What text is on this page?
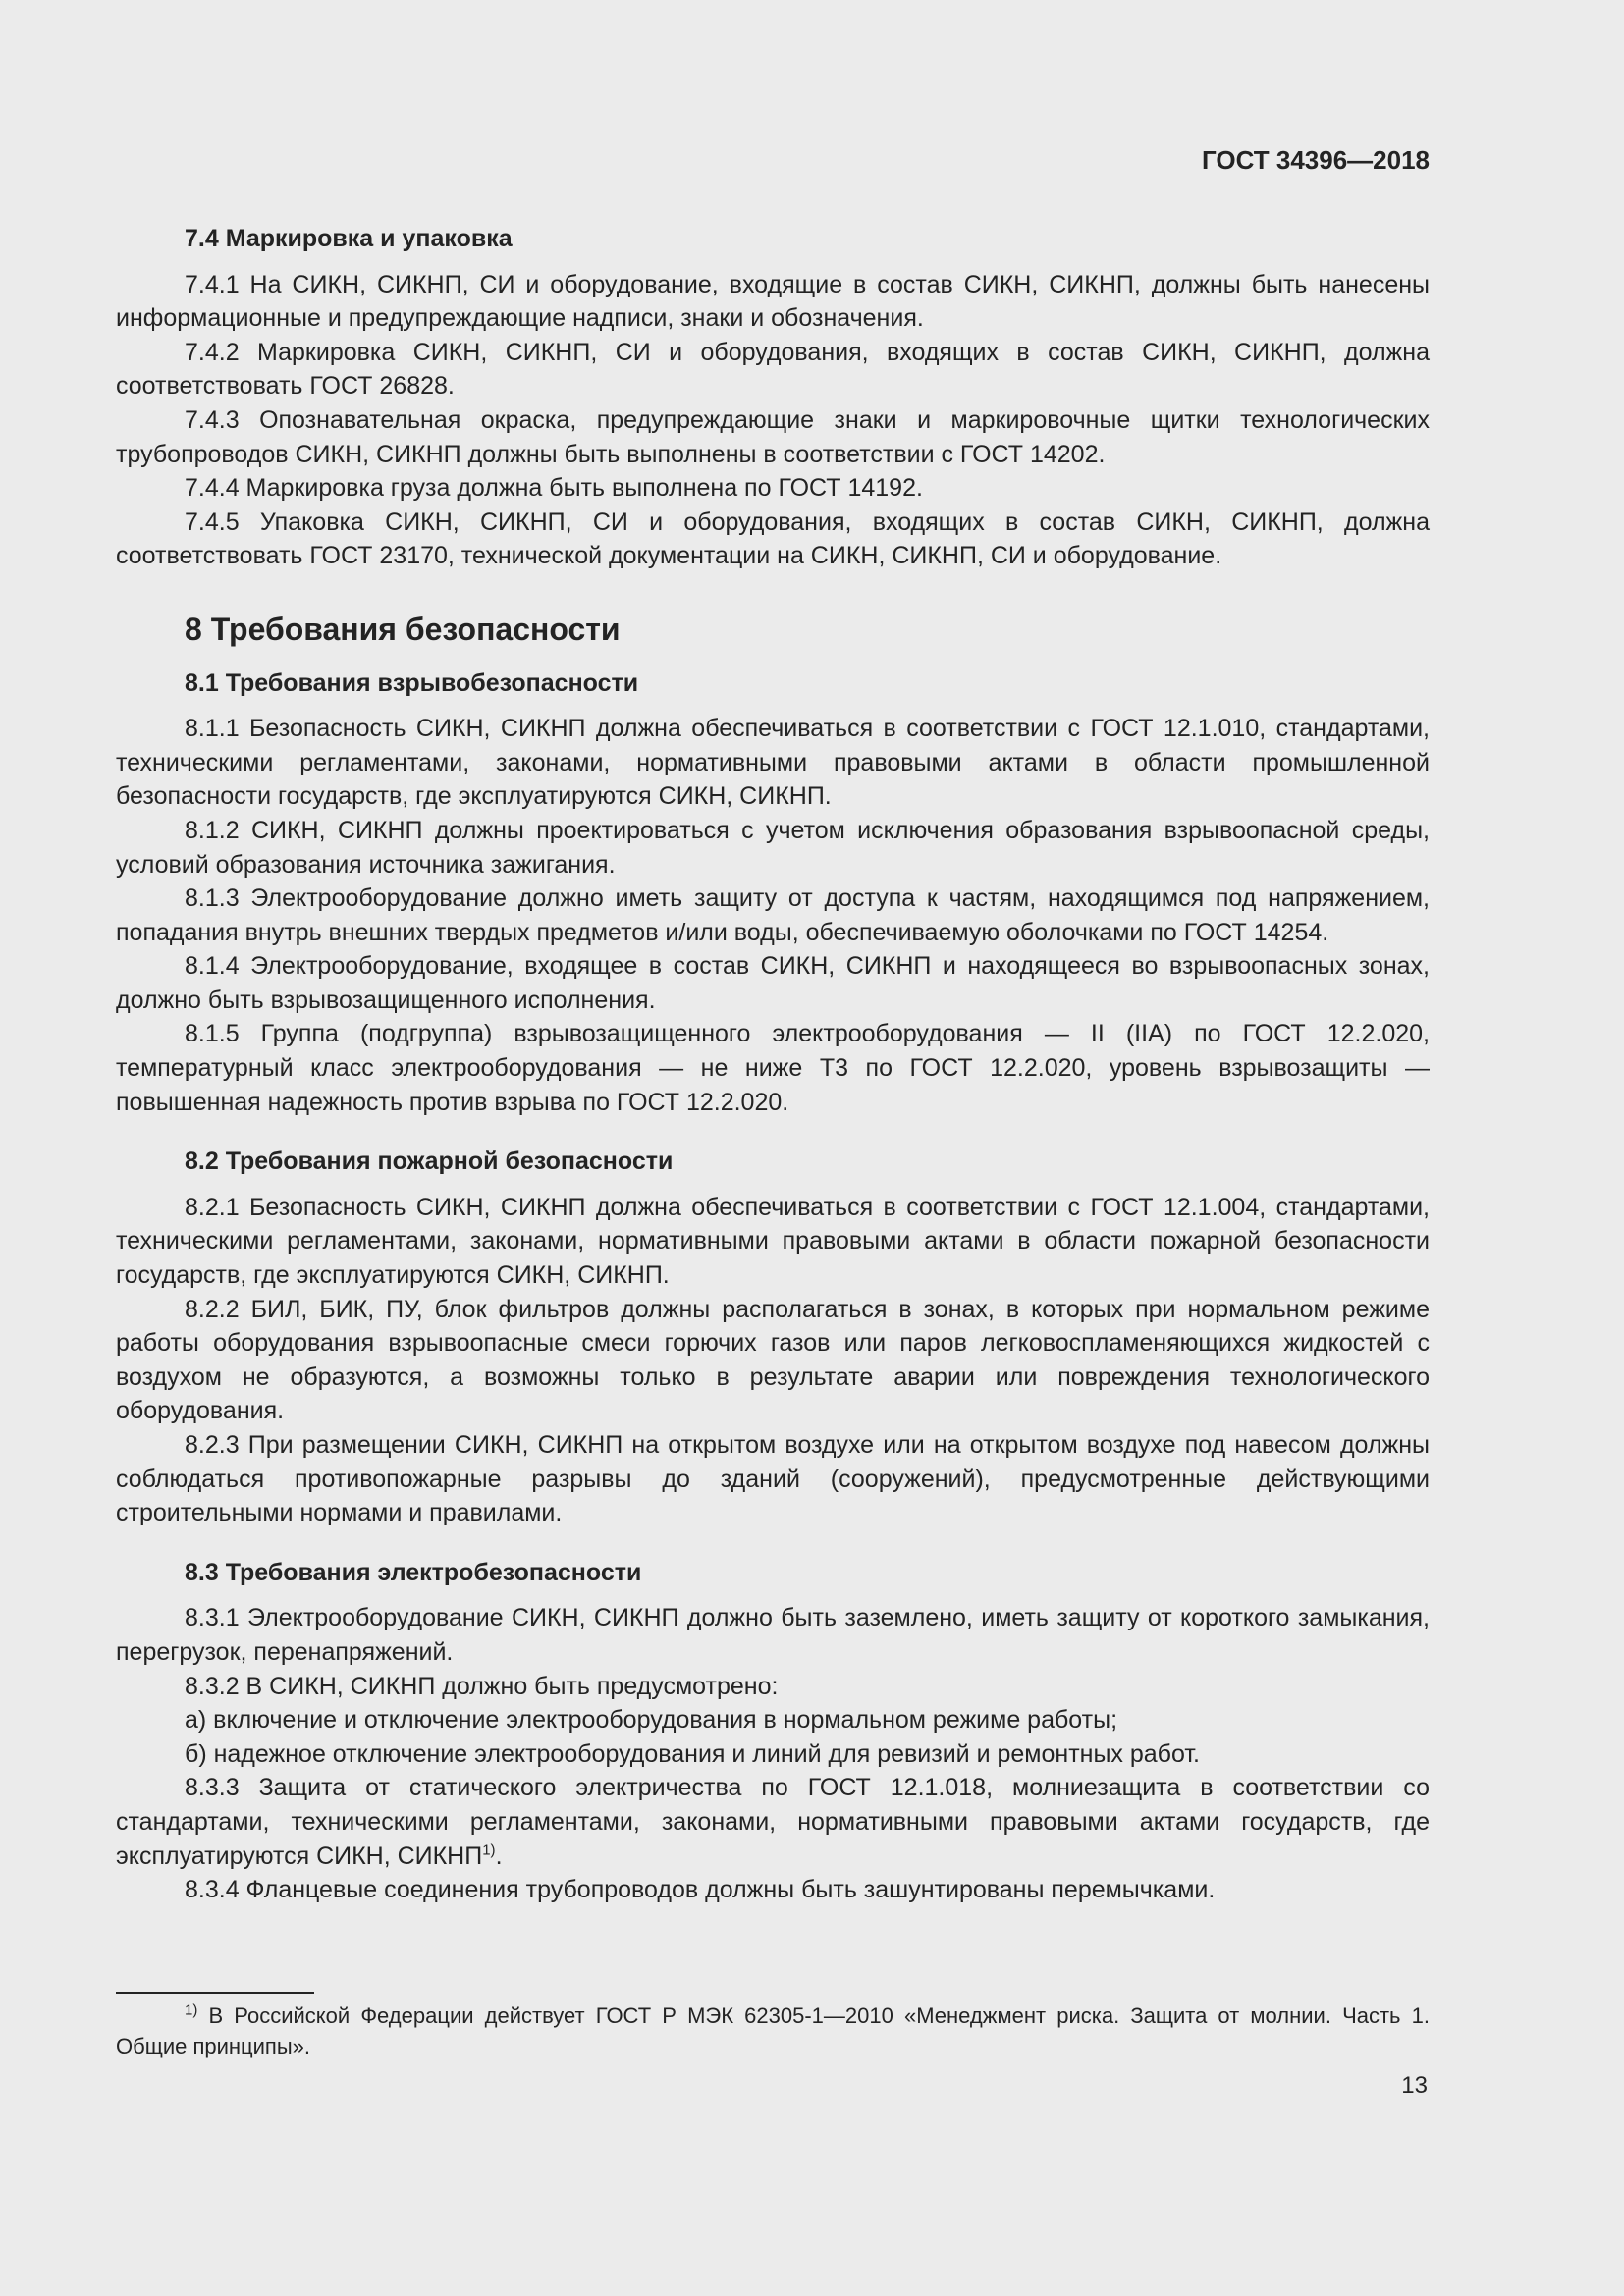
ГОСТ 34396—2018
7.4 Маркировка и упаковка

7.4.1 На СИКН, СИКНП, СИ и оборудование, входящие в состав СИКН, СИКНП, должны быть нанесены информационные и предупреждающие надписи, знаки и обозначения.

7.4.2 Маркировка СИКН, СИКНП, СИ и оборудования, входящих в состав СИКН, СИКНП, должна соответствовать ГОСТ 26828.

7.4.3 Опознавательная окраска, предупреждающие знаки и маркировочные щитки технологических трубопроводов СИКН, СИКНП должны быть выполнены в соответствии с ГОСТ 14202.

7.4.4 Маркировка груза должна быть выполнена по ГОСТ 14192.

7.4.5 Упаковка СИКН, СИКНП, СИ и оборудования, входящих в состав СИКН, СИКНП, должна соответствовать ГОСТ 23170, технической документации на СИКН, СИКНП, СИ и оборудование.

8 Требования безопасности
8.1 Требования взрывобезопасности

8.1.1 Безопасность СИКН, СИКНП должна обеспечиваться в соответствии с ГОСТ 12.1.010, стандартами, техническими регламентами, законами, нормативными правовыми актами в области промышленной безопасности государств, где эксплуатируются СИКН, СИКНП.

8.1.2 СИКН, СИКНП должны проектироваться с учетом исключения образования взрывоопасной среды, условий образования источника зажигания.

8.1.3 Электрооборудование должно иметь защиту от доступа к частям, находящимся под напряжением, попадания внутрь внешних твердых предметов и/или воды, обеспечиваемую оболочками по ГОСТ 14254.

8.1.4 Электрооборудование, входящее в состав СИКН, СИКНП и находящееся во взрывоопасных зонах, должно быть взрывозащищенного исполнения.

8.1.5 Группа (подгруппа) взрывозащищенного электрооборудования — II (IIA) по ГОСТ 12.2.020, температурный класс электрооборудования — не ниже Т3 по ГОСТ 12.2.020, уровень взрывозащиты — повышенная надежность против взрыва по ГОСТ 12.2.020.

8.2 Требования пожарной безопасности

8.2.1 Безопасность СИКН, СИКНП должна обеспечиваться в соответствии с ГОСТ 12.1.004, стандартами, техническими регламентами, законами, нормативными правовыми актами в области пожарной безопасности государств, где эксплуатируются СИКН, СИКНП.

8.2.2 БИЛ, БИК, ПУ, блок фильтров должны располагаться в зонах, в которых при нормальном режиме работы оборудования взрывоопасные смеси горючих газов или паров легковоспламеняющихся жидкостей с воздухом не образуются, а возможны только в результате аварии или повреждения технологического оборудования.

8.2.3 При размещении СИКН, СИКНП на открытом воздухе или на открытом воздухе под навесом должны соблюдаться противопожарные разрывы до зданий (сооружений), предусмотренные действующими строительными нормами и правилами.

8.3 Требования электробезопасности

8.3.1 Электрооборудование СИКН, СИКНП должно быть заземлено, иметь защиту от короткого замыкания, перегрузок, перенапряжений.

8.3.2 В СИКН, СИКНП должно быть предусмотрено:

а) включение и отключение электрооборудования в нормальном режиме работы;

б) надежное отключение электрооборудования и линий для ревизий и ремонтных работ.

8.3.3 Защита от статического электричества по ГОСТ 12.1.018, молниезащита в соответствии со стандартами, техническими регламентами, законами, нормативными правовыми актами государств, где эксплуатируются СИКН, СИКНП$^{1)}$.

8.3.4 Фланцевые соединения трубопроводов должны быть зашунтированы перемычками.

$^{1)}$ В Российской Федерации действует ГОСТ Р МЭК 62305-1—2010 «Менеджмент риска. Защита от молнии. Часть 1. Общие принципы».
13
